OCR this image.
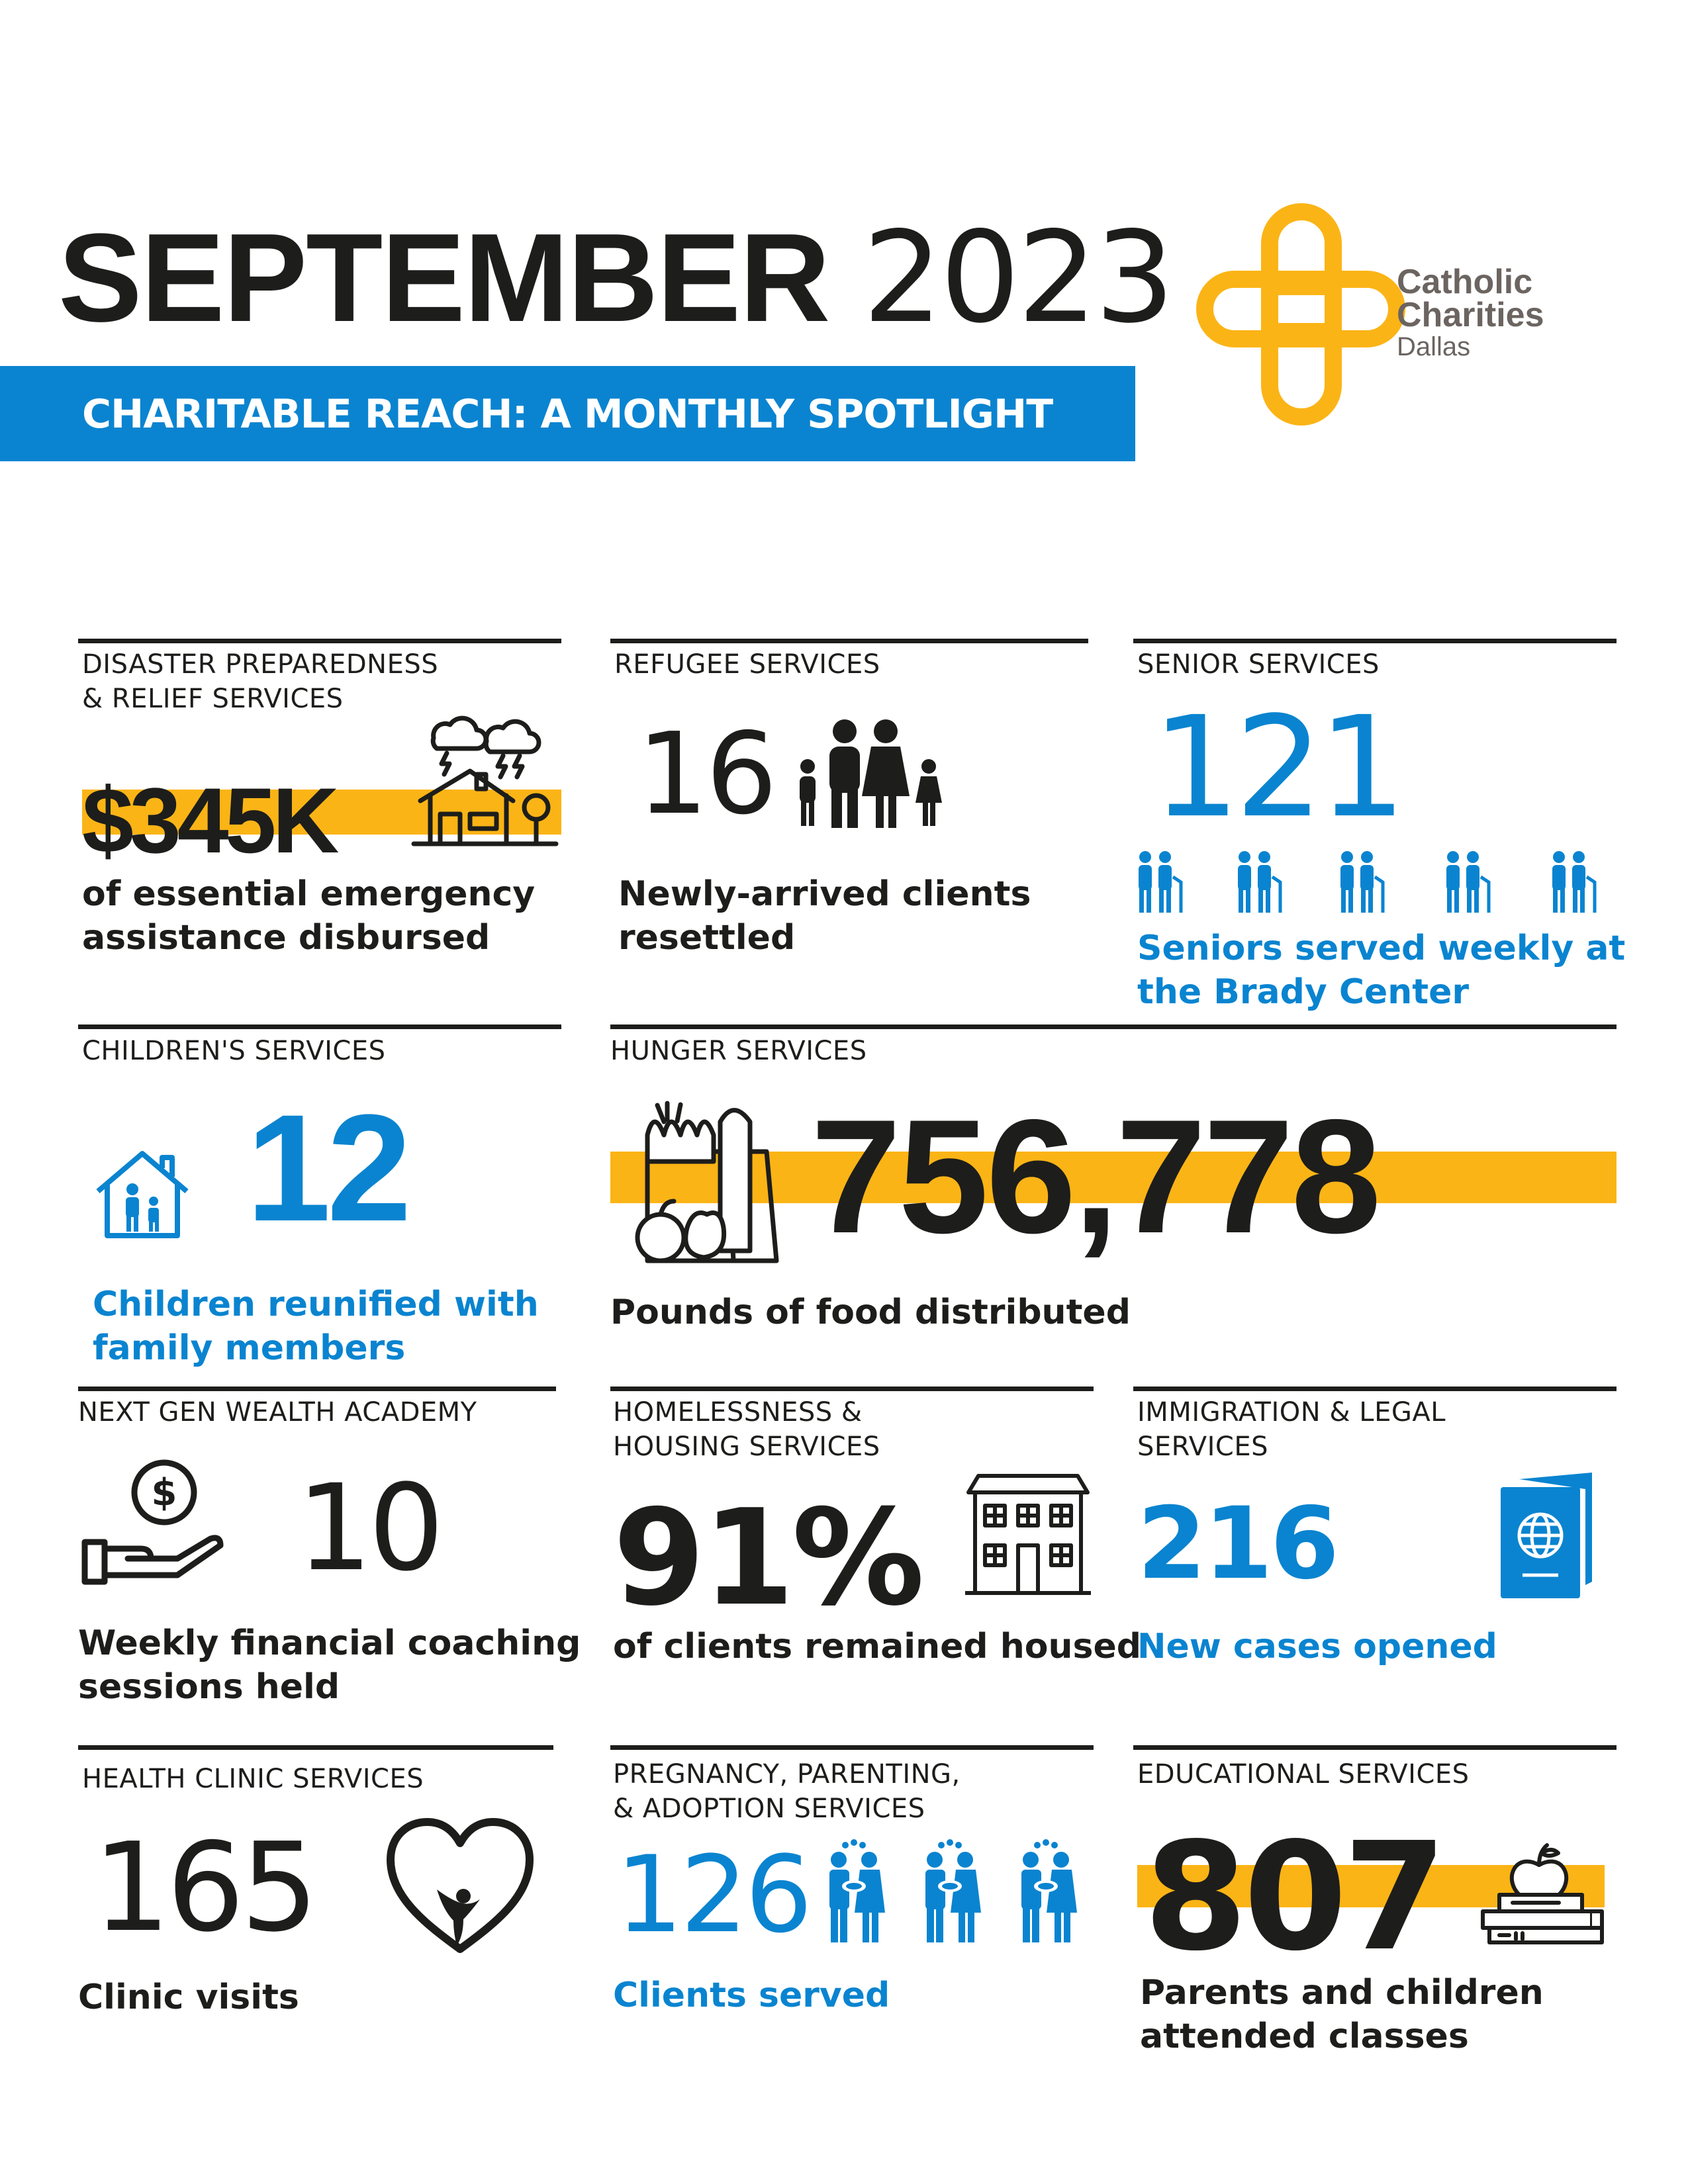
SEPTEMBER 2023
CHARITABLE REACH: A MONTHLY SPOTLIGHT
Catholic
Charities
Dallas
DISASTER PREPAREDNESS
& RELIEF SERVICES
$345K
of essential emergency
assistance disbursed
REFUGEE SERVICES
16
Newly-arrived clients
resettled
SENIOR SERVICES
121
Seniors served weekly at
the Brady Center
CHILDREN'S SERVICES
12
Children reunified with
family members
HUNGER SERVICES
756,778
Pounds of food distributed
NEXT GEN WEALTH ACADEMY
$ 10
Weekly financial coaching
sessions held
HOMELESSNESS &
HOUSING SERVICES
91%
of clients remained housed
IMMIGRATION & LEGAL
SERVICES
216
New cases opened
HEALTH CLINIC SERVICES
165
Clinic visits
PREGNANCY, PARENTING,
& ADOPTION SERVICES
126
Clients served
EDUCATIONAL SERVICES
807
Parents and children
attended classes
